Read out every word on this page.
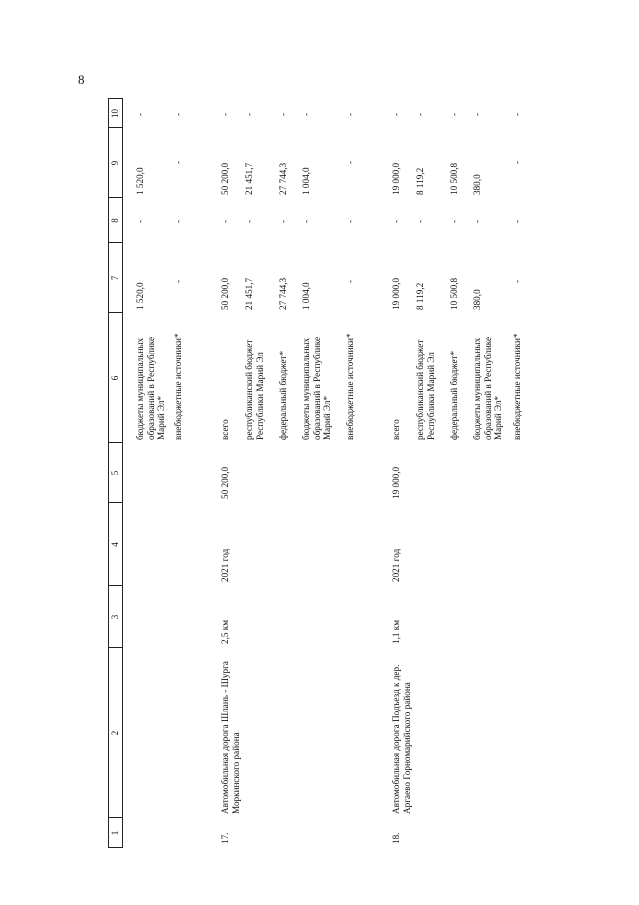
8
1
2
3
4
5
6
7
8
9
10
бюджеты муниципальных образований в Республике Марий Эл*
1 520,0
-
1 520,0
-
внебюджетные источники*
-
-
-
-
17.
Автомобильная дорога Шлань - Шурга Моркинского района
2,5 км
2021 год
50 200,0
всего
50 200,0
-
50 200,0
-
республиканский бюджет Республики Марий Эл
21 451,7
-
21 451,7
-
федеральный бюджет*
27 744,3
-
27 744,3
-
бюджеты муниципальных образований в Республике Марий Эл*
1 004,0
-
1 004,0
-
внебюджетные источники*
-
-
-
-
18.
Автомобильная дорога Подъезд к дер. Аргаево Горномарийского района
1,1 км
2021 год
19 000,0
всего
19 000,0
-
19 000,0
-
республиканский бюджет Республики Марий Эл
8 119,2
-
8 119,2
-
федеральный бюджет*
10 500,8
-
10 500,8
-
бюджеты муниципальных образований в Республике Марий Эл*
380,0
-
380,0
-
внебюджетные источники*
-
-
-
-
